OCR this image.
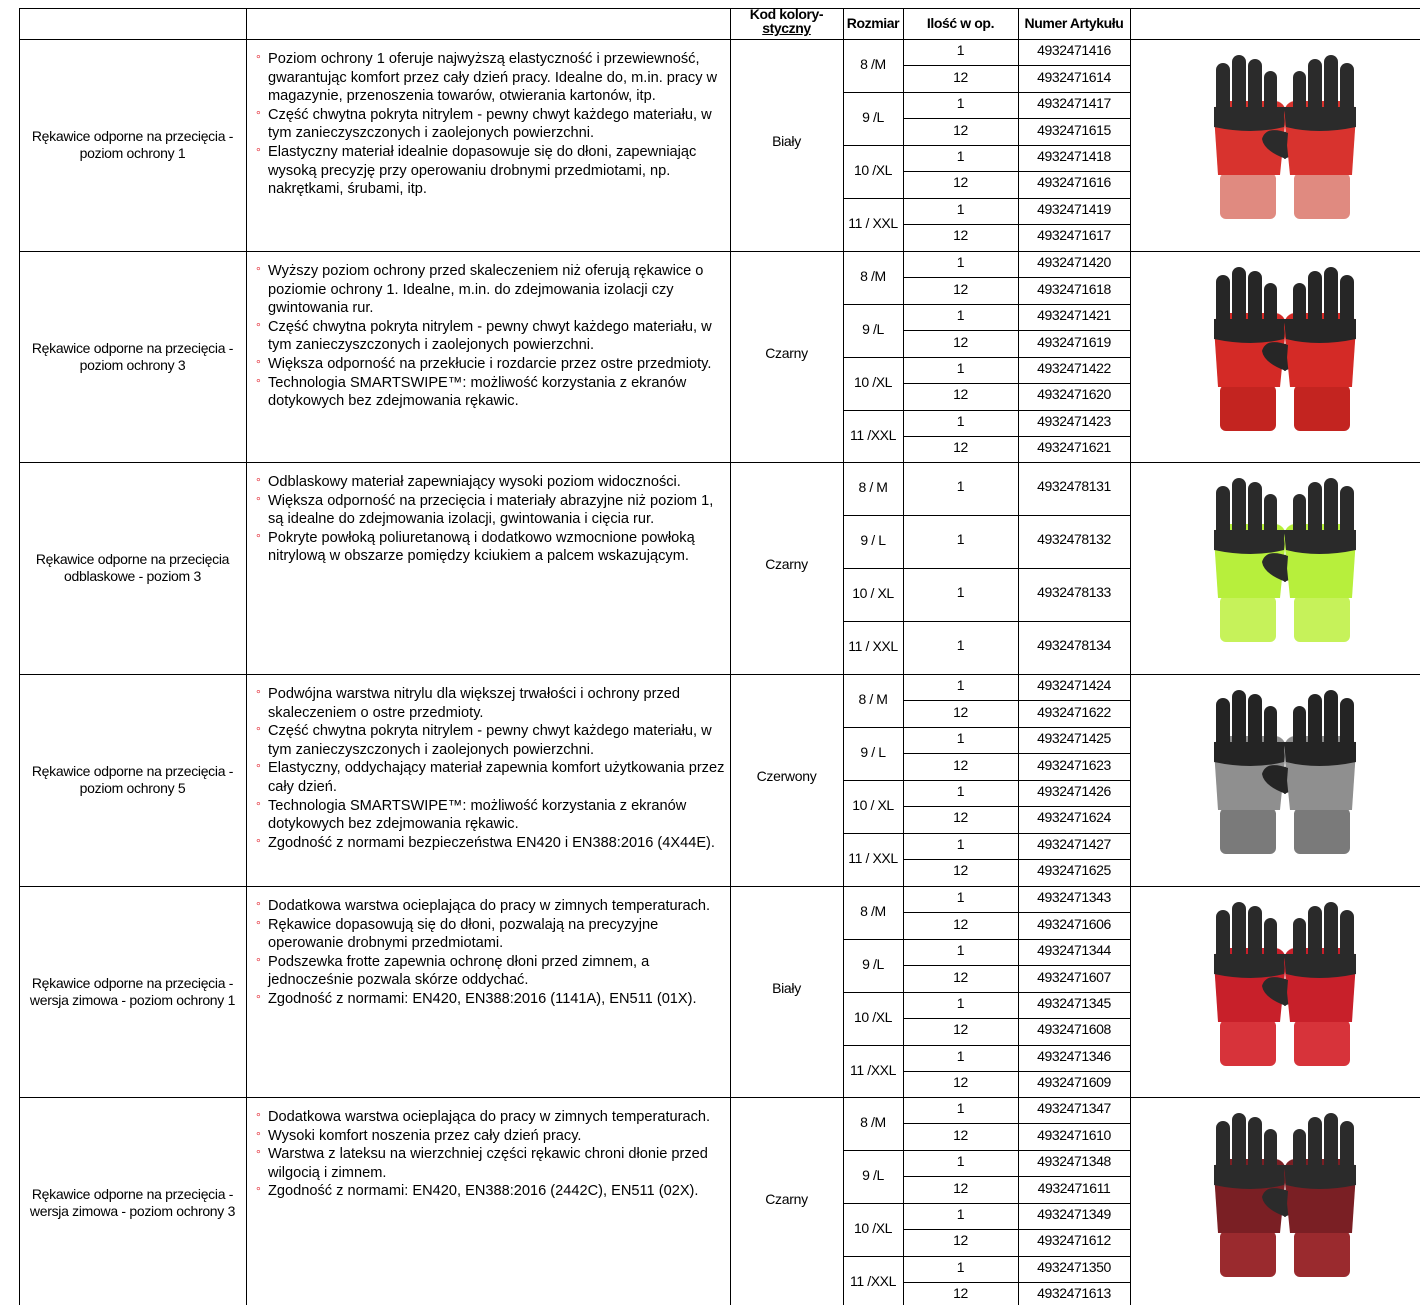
Kod kolory-
styczny	Rozmiar	Ilość w op.	Numer Artykułu
Rękawice odporne na przecięcia -
poziom ochrony 1
° Poziom ochrony 1 oferuje najwyższą elastyczność i przewiewność, gwarantując komfort przez cały dzień pracy. Idealne do, m.in. pracy w magazynie, przenoszenia towarów, otwierania kartonów, itp.
° Część chwytna pokryta nitrylem - pewny chwyt każdego materiału, w tym zanieczyszczonych i zaolejonych powierzchni.
° Elastyczny materiał idealnie dopasowuje się do dłoni, zapewniając wysoką precyzję przy operowaniu drobnymi przedmiotami, np. nakrętkami, śrubami, itp.
Biały
8 /M
1	4932471416
12	4932471614
9 /L
1	4932471417
12	4932471615
10 /XL
1	4932471418
12	4932471616
11 / XXL
1	4932471419
12	4932471617
Rękawice odporne na przecięcia -
poziom ochrony 3
° Wyższy poziom ochrony przed skaleczeniem niż oferują rękawice o poziomie ochrony 1. Idealne, m.in. do zdejmowania izolacji czy gwintowania rur.
° Część chwytna pokryta nitrylem - pewny chwyt każdego materiału, w tym zanieczyszczonych i zaolejonych powierzchni.
° Większa odporność na przekłucie i rozdarcie przez ostre przedmioty.
° Technologia SMARTSWIPE™: możliwość korzystania z ekranów dotykowych bez zdejmowania rękawic.
Czarny
8 /M
1	4932471420
12	4932471618
9 /L
1	4932471421
12	4932471619
10 /XL
1	4932471422
12	4932471620
11 /XXL
1	4932471423
12	4932471621
Rękawice odporne na przecięcia
odblaskowe - poziom 3
° Odblaskowy materiał zapewniający wysoki poziom widoczności.
° Większa odporność na przecięcia i materiały abrazyjne niż poziom 1, są idealne do zdejmowania izolacji, gwintowania i cięcia rur.
° Pokryte powłoką poliuretanową i dodatkowo wzmocnione powłoką nitrylową w obszarze pomiędzy kciukiem a palcem wskazującym.	Czarny
8 / M	1	4932478131
9 / L	1	4932478132
10 / XL	1	4932478133
11 / XXL	1	4932478134
Rękawice odporne na przecięcia -
poziom ochrony 5
° Podwójna warstwa nitrylu dla większej trwałości i ochrony przed skaleczeniem o ostre przedmioty.
° Część chwytna pokryta nitrylem - pewny chwyt każdego materiału, w tym zanieczyszczonych i zaolejonych powierzchni.
° Elastyczny, oddychający materiał zapewnia komfort użytkowania przez cały dzień.
° Technologia SMARTSWIPE™: możliwość korzystania z ekranów dotykowych bez zdejmowania rękawic.
° Zgodność z normami bezpieczeństwa EN420 i EN388:2016 (4X44E).
Czerwony
8 / M
1	4932471424
12	4932471622
9 / L
1	4932471425
12	4932471623
10 / XL
1	4932471426
12	4932471624
11 / XXL
1	4932471427
12	4932471625
Rękawice odporne na przecięcia -
wersja zimowa - poziom ochrony 1
° Dodatkowa warstwa ocieplająca do pracy w zimnych temperaturach.
° Rękawice dopasowują się do dłoni, pozwalają na precyzyjne operowanie drobnymi przedmiotami.
° Podszewka frotte zapewnia ochronę dłoni przed zimnem, a jednocześnie pozwala skórze oddychać.
° Zgodność z normami: EN420, EN388:2016 (1141A), EN511 (01X).
Biały
8 /M
1	4932471343
12	4932471606
9 /L
1	4932471344
12	4932471607
10 /XL
1	4932471345
12	4932471608
11 /XXL
1	4932471346
12	4932471609
Rękawice odporne na przecięcia -
wersja zimowa - poziom ochrony 3
° Dodatkowa warstwa ocieplająca do pracy w zimnych temperaturach.
° Wysoki komfort noszenia przez cały dzień pracy.
° Warstwa z lateksu na wierzchniej części rękawic chroni dłonie przed wilgocią i zimnem.
° Zgodność z normami: EN420, EN388:2016 (2442C), EN511 (02X).	Czarny
8 /M
1	4932471347
12	4932471610
9 /L
1	4932471348
12	4932471611
10 /XL
1	4932471349
12	4932471612
11 /XXL
1	4932471350
12	4932471613
